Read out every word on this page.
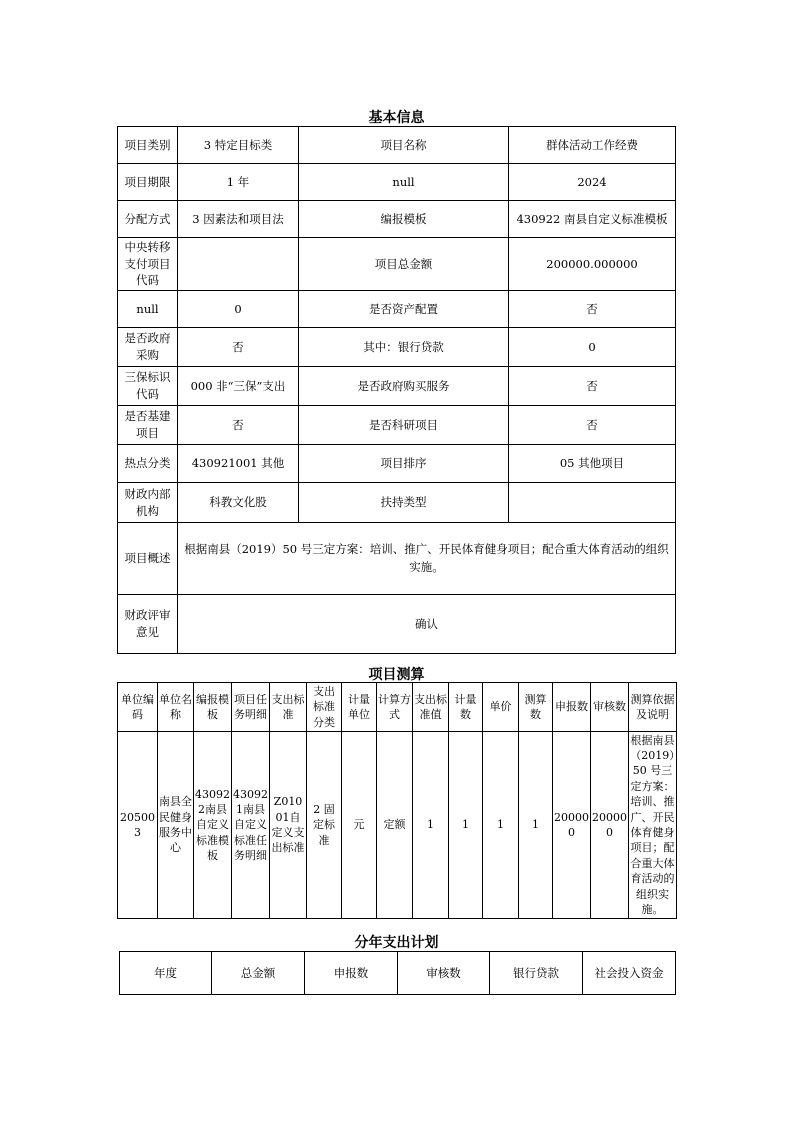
基本信息
项目类别	3 特定目标类	项目名称	群体活动工作经费
项目期限	1 年	null	2024
分配方式	3 因素法和项目法	编报模板	430922 南县自定义标准模板
中央转移支付项目代码		项目总金额	200000.000000
null	0	是否资产配置	否
是否政府采购	否	其中：银行贷款	0
三保标识代码	000 非“三保”支出	是否政府购买服务	否
是否基建项目	否	是否科研项目	否
热点分类	430921001 其他	项目排序	05 其他项目
财政内部机构	科教文化股	扶持类型	
项目概述	根据南县（2019）50 号三定方案：培训、推广、开民体育健身项目；配合重大体育活动的组织实施。		
财政评审意见	确认		
项目测算
单位编码	单位名称	编报模板	项目任务明细	支出标准	支出标准分类	计量单位	计算方式	支出标准值	计量数	单价	测算数	申报数	审核数	测算依据及说明
205003	南县全民健身服务中心	430922南县自定义标准模板	430921南县自定义标准任务明细	Z01001自定义支出标准	2 固定标准	元	定额	1	1	1	1	200000	200000	根据南县（2019）50 号三定方案：培训、推广、开民体育健身项目；配合重大体育活动的组织实施。
分年支出计划
年度	总金额	申报数	审核数	银行贷款	社会投入资金
